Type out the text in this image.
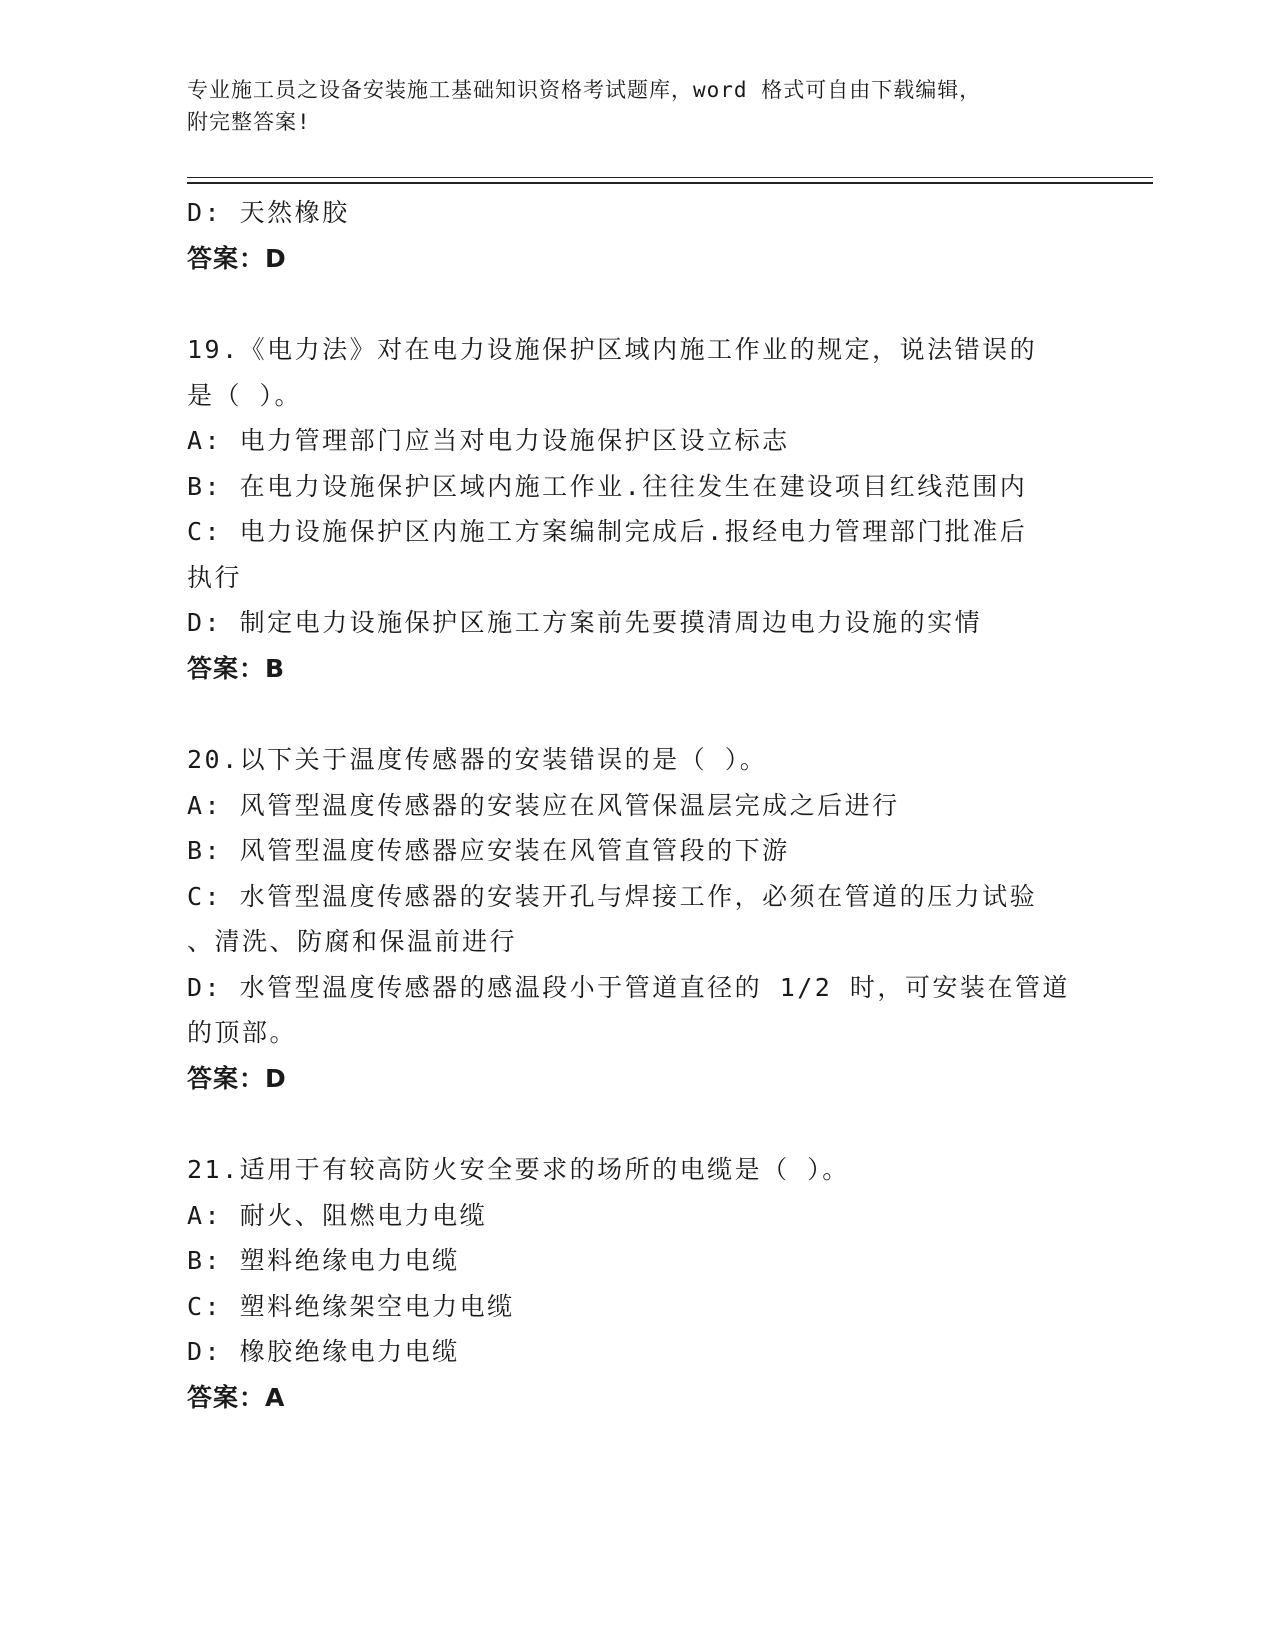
专业施工员之设备安装施工基础知识资格考试题库，word 格式可自由下载编辑，
附完整答案!
D: 天然橡胶
答案：D
19.《电力法》对在电力设施保护区域内施工作业的规定，说法错误的
是（ ）。
A: 电力管理部门应当对电力设施保护区设立标志
B: 在电力设施保护区域内施工作业.往往发生在建设项目红线范围内
C: 电力设施保护区内施工方案编制完成后.报经电力管理部门批准后
执行
D: 制定电力设施保护区施工方案前先要摸清周边电力设施的实情
答案：B
20.以下关于温度传感器的安装错误的是（ ）。
A: 风管型温度传感器的安装应在风管保温层完成之后进行
B: 风管型温度传感器应安装在风管直管段的下游
C: 水管型温度传感器的安装开孔与焊接工作，必须在管道的压力试验
、清洗、防腐和保温前进行
D: 水管型温度传感器的感温段小于管道直径的 1/2 时，可安装在管道
的顶部。
答案：D
21.适用于有较高防火安全要求的场所的电缆是（ ）。
A: 耐火、阻燃电力电缆
B: 塑料绝缘电力电缆
C: 塑料绝缘架空电力电缆
D: 橡胶绝缘电力电缆
答案：A
